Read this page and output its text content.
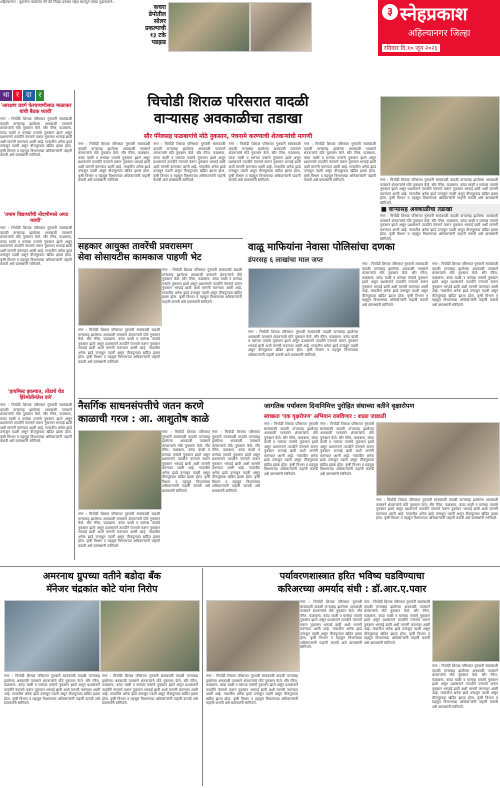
अहिल्यानगर : युवासेना कार्यालय नेते फ्री जिल्हा प्रवक्ता महेश सातपुते यांच्या पुढाकाराने...
कचरा
डेपोतील
सोलर
प्रकल्पाची
१३ टके
पडझड
३ स्नेहप्रकाश
अहिल्यानगर जिल्हा
रविवार दि.१० जून २०२६
धा	र	दा	र
'आरक्षण प्रवर्ग फेरचाचणीसाठ माळाकर यांची बैठक घ्यावी'
नगर : चिचोडी शिराळ परिसरात गुरुवारी सायंकाळी वादळी वाऱ्यासह झालेल्या अवकाळी पावसाने शेतकऱ्यांचे मोठे नुकसान केले. सौर पॅनेल, फळबागा, कांदा चाळी व घरांच्या पत्र्यांचे नुकसान झाले असून प्रशासनाने तातडीने पंचनामे करून नुकसान भरपाई द्यावी अशी मागणी करण्यात आली आहे. गावातील अनेक झाडे उन्मळून पडली असून वीजपुरवठा खंडित झाला होता. कृषी विभाग व महसूल विभागाच्या अधिकाऱ्यांनी पाहणी करावी असे ग्रामस्थांनी सांगितले.
'तमाम विद्यार्थ्यांची नोंदणीमध्ये अपट घ्यावी'
नगर : चिचोडी शिराळ परिसरात गुरुवारी सायंकाळी वादळी वाऱ्यासह झालेल्या अवकाळी पावसाने शेतकऱ्यांचे मोठे नुकसान केले. सौर पॅनेल, फळबागा, कांदा चाळी व घरांच्या पत्र्यांचे नुकसान झाले असून प्रशासनाने तातडीने पंचनामे करून नुकसान भरपाई द्यावी अशी मागणी करण्यात आली आहे. गावातील अनेक झाडे उन्मळून पडली असून वीजपुरवठा खंडित झाला होता. कृषी विभाग व महसूल विभागाच्या अधिकाऱ्यांनी पाहणी करावी असे ग्रामस्थांनी सांगितले.
'हायमिस्ट झाल्यात, तोंडाचे रोड हिरेमोतीनंतेल वारे'
नगर : चिचोडी शिराळ परिसरात गुरुवारी सायंकाळी वादळी वाऱ्यासह झालेल्या अवकाळी पावसाने शेतकऱ्यांचे मोठे नुकसान केले. सौर पॅनेल, फळबागा, कांदा चाळी व घरांच्या पत्र्यांचे नुकसान झाले असून प्रशासनाने तातडीने पंचनामे करून नुकसान भरपाई द्यावी अशी मागणी करण्यात आली आहे. गावातील अनेक झाडे उन्मळून पडली असून वीजपुरवठा खंडित झाला होता. कृषी विभाग व महसूल विभागाच्या अधिकाऱ्यांनी पाहणी करावी असे ग्रामस्थांनी सांगितले.
चिचोडी शिराळ परिसरात वादळी
वाऱ्यासह अवकाळीचा तडाखा
सौर पॅनेलसह फळबागांचे मोठे नुकसान, पंचनामे करण्याची शेतकऱ्यांची मागणी
नगर : चिचोडी शिराळ परिसरात गुरुवारी सायंकाळी वादळी वाऱ्यासह झालेल्या अवकाळी पावसाने शेतकऱ्यांचे मोठे नुकसान केले. सौर पॅनेल, फळबागा, कांदा चाळी व घरांच्या पत्र्यांचे नुकसान झाले असून प्रशासनाने तातडीने पंचनामे करून नुकसान भरपाई द्यावी अशी मागणी करण्यात आली आहे. गावातील अनेक झाडे उन्मळून पडली असून वीजपुरवठा खंडित झाला होता. कृषी विभाग व महसूल विभागाच्या अधिकाऱ्यांनी पाहणी करावी असे ग्रामस्थांनी सांगितले.
नगर : चिचोडी शिराळ परिसरात गुरुवारी सायंकाळी वादळी वाऱ्यासह झालेल्या अवकाळी पावसाने शेतकऱ्यांचे मोठे नुकसान केले. सौर पॅनेल, फळबागा, कांदा चाळी व घरांच्या पत्र्यांचे नुकसान झाले असून प्रशासनाने तातडीने पंचनामे करून नुकसान भरपाई द्यावी अशी मागणी करण्यात आली आहे. गावातील अनेक झाडे उन्मळून पडली असून वीजपुरवठा खंडित झाला होता. कृषी विभाग व महसूल विभागाच्या अधिकाऱ्यांनी पाहणी करावी असे ग्रामस्थांनी सांगितले.
नगर : चिचोडी शिराळ परिसरात गुरुवारी सायंकाळी वादळी वाऱ्यासह झालेल्या अवकाळी पावसाने शेतकऱ्यांचे मोठे नुकसान केले. सौर पॅनेल, फळबागा, कांदा चाळी व घरांच्या पत्र्यांचे नुकसान झाले असून प्रशासनाने तातडीने पंचनामे करून नुकसान भरपाई द्यावी अशी मागणी करण्यात आली आहे. गावातील अनेक झाडे उन्मळून पडली असून वीजपुरवठा खंडित झाला होता. कृषी विभाग व महसूल विभागाच्या अधिकाऱ्यांनी पाहणी करावी असे ग्रामस्थांनी सांगितले.
नगर : चिचोडी शिराळ परिसरात गुरुवारी सायंकाळी वादळी वाऱ्यासह झालेल्या अवकाळी पावसाने शेतकऱ्यांचे मोठे नुकसान केले. सौर पॅनेल, फळबागा, कांदा चाळी व घरांच्या पत्र्यांचे नुकसान झाले असून प्रशासनाने तातडीने पंचनामे करून नुकसान भरपाई द्यावी अशी मागणी करण्यात आली आहे. गावातील अनेक झाडे उन्मळून पडली असून वीजपुरवठा खंडित झाला होता. कृषी विभाग व महसूल विभागाच्या अधिकाऱ्यांनी पाहणी करावी असे ग्रामस्थांनी सांगितले.	नगर : चिचोडी शिराळ परिसरात गुरुवारी सायंकाळी वादळी वाऱ्यासह झालेल्या अवकाळी पावसाने शेतकऱ्यांचे मोठे नुकसान केले. सौर पॅनेल, फळबागा, कांदा चाळी व घरांच्या पत्र्यांचे नुकसान झाले असून प्रशासनाने तातडीने पंचनामे करून नुकसान भरपाई द्यावी अशी मागणी करण्यात आली आहे. गावातील अनेक झाडे उन्मळून पडली असून वीजपुरवठा खंडित झाला होता. कृषी विभाग व महसूल विभागाच्या अधिकाऱ्यांनी पाहणी करावी असे ग्रामस्थांनी सांगितले.
■ वाऱ्यासह अवकाळीचा तडाखा
नगर : चिचोडी शिराळ परिसरात गुरुवारी सायंकाळी वादळी वाऱ्यासह झालेल्या अवकाळी पावसाने शेतकऱ्यांचे मोठे नुकसान केले. सौर पॅनेल, फळबागा, कांदा चाळी व घरांच्या पत्र्यांचे नुकसान झाले असून प्रशासनाने तातडीने पंचनामे करून नुकसान भरपाई द्यावी अशी मागणी करण्यात आली आहे. गावातील अनेक झाडे उन्मळून पडली असून वीजपुरवठा खंडित झाला होता. कृषी विभाग व महसूल विभागाच्या अधिकाऱ्यांनी पाहणी करावी असे ग्रामस्थांनी सांगितले.
सहकार आयुक्त तावरेंची प्रवरासमग
सेवा सोसायटीस कामकाज पाहणी भेट
नगर : चिचोडी शिराळ परिसरात गुरुवारी सायंकाळी वादळी वाऱ्यासह झालेल्या अवकाळी पावसाने शेतकऱ्यांचे मोठे नुकसान केले. सौर पॅनेल, फळबागा, कांदा चाळी व घरांच्या पत्र्यांचे नुकसान झाले असून प्रशासनाने तातडीने पंचनामे करून नुकसान भरपाई द्यावी अशी मागणी करण्यात आली आहे. गावातील अनेक झाडे उन्मळून पडली असून वीजपुरवठा खंडित झाला होता. कृषी विभाग व महसूल विभागाच्या अधिकाऱ्यांनी पाहणी करावी असे ग्रामस्थांनी सांगितले.
नगर : चिचोडी शिराळ परिसरात गुरुवारी सायंकाळी वादळी वाऱ्यासह झालेल्या अवकाळी पावसाने शेतकऱ्यांचे मोठे नुकसान केले. सौर पॅनेल, फळबागा, कांदा चाळी व घरांच्या पत्र्यांचे नुकसान झाले असून प्रशासनाने तातडीने पंचनामे करून नुकसान भरपाई द्यावी अशी मागणी करण्यात आली आहे. गावातील अनेक झाडे उन्मळून पडली असून वीजपुरवठा खंडित झाला होता. कृषी विभाग व महसूल विभागाच्या अधिकाऱ्यांनी पाहणी करावी असे ग्रामस्थांनी सांगितले.
वाळू माफियांना नेवासा पोलिसांचा दणका
डंपरसह ६ लाखांचा माल जप्त	नगर : चिचोडी शिराळ परिसरात गुरुवारी सायंकाळी वादळी वाऱ्यासह झालेल्या अवकाळी पावसाने शेतकऱ्यांचे मोठे नुकसान केले. सौर पॅनेल, फळबागा, कांदा चाळी व घरांच्या पत्र्यांचे नुकसान झाले असून प्रशासनाने तातडीने पंचनामे करून नुकसान भरपाई द्यावी अशी मागणी करण्यात आली आहे. गावातील अनेक झाडे उन्मळून पडली असून वीजपुरवठा खंडित झाला होता. कृषी विभाग व महसूल विभागाच्या अधिकाऱ्यांनी पाहणी करावी असे ग्रामस्थांनी सांगितले.
नगर : चिचोडी शिराळ परिसरात गुरुवारी सायंकाळी वादळी वाऱ्यासह झालेल्या अवकाळी पावसाने शेतकऱ्यांचे मोठे नुकसान केले. सौर पॅनेल, फळबागा, कांदा चाळी व घरांच्या पत्र्यांचे नुकसान झाले असून प्रशासनाने तातडीने पंचनामे करून नुकसान भरपाई द्यावी अशी मागणी करण्यात आली आहे. गावातील अनेक झाडे उन्मळून पडली असून वीजपुरवठा खंडित झाला होता. कृषी विभाग व महसूल विभागाच्या अधिकाऱ्यांनी पाहणी करावी असे ग्रामस्थांनी सांगितले.
नगर : चिचोडी शिराळ परिसरात गुरुवारी सायंकाळी वादळी वाऱ्यासह झालेल्या अवकाळी पावसाने शेतकऱ्यांचे मोठे नुकसान केले. सौर पॅनेल, फळबागा, कांदा चाळी व घरांच्या पत्र्यांचे नुकसान झाले असून प्रशासनाने तातडीने पंचनामे करून नुकसान भरपाई द्यावी अशी मागणी करण्यात आली आहे. गावातील अनेक झाडे उन्मळून पडली असून वीजपुरवठा खंडित झाला होता. कृषी विभाग व महसूल विभागाच्या अधिकाऱ्यांनी पाहणी करावी असे ग्रामस्थांनी सांगितले.
नैसर्गिक साधनसंपत्तीचे जतन करणे
काळाची गरज : आ. आशुतोष काळे
नगर : चिचोडी शिराळ परिसरात गुरुवारी सायंकाळी वादळी वाऱ्यासह झालेल्या अवकाळी पावसाने शेतकऱ्यांचे मोठे नुकसान केले. सौर पॅनेल, फळबागा, कांदा चाळी व घरांच्या पत्र्यांचे नुकसान झाले असून प्रशासनाने तातडीने पंचनामे करून नुकसान भरपाई द्यावी अशी मागणी करण्यात आली आहे. गावातील अनेक झाडे उन्मळून पडली असून वीजपुरवठा खंडित झाला होता. कृषी विभाग व महसूल विभागाच्या अधिकाऱ्यांनी पाहणी करावी असे ग्रामस्थांनी सांगितले.
नगर : चिचोडी शिराळ परिसरात गुरुवारी सायंकाळी वादळी वाऱ्यासह झालेल्या अवकाळी पावसाने शेतकऱ्यांचे मोठे नुकसान केले. सौर पॅनेल, फळबागा, कांदा चाळी व घरांच्या पत्र्यांचे नुकसान झाले असून प्रशासनाने तातडीने पंचनामे करून नुकसान भरपाई द्यावी अशी मागणी करण्यात आली आहे. गावातील अनेक झाडे उन्मळून पडली असून वीजपुरवठा खंडित झाला होता. कृषी विभाग व महसूल विभागाच्या अधिकाऱ्यांनी पाहणी करावी असे ग्रामस्थांनी सांगितले.
नगर : चिचोडी शिराळ परिसरात गुरुवारी सायंकाळी वादळी वाऱ्यासह झालेल्या अवकाळी पावसाने शेतकऱ्यांचे मोठे नुकसान केले. सौर पॅनेल, फळबागा, कांदा चाळी व घरांच्या पत्र्यांचे नुकसान झाले असून प्रशासनाने तातडीने पंचनामे करून नुकसान भरपाई द्यावी अशी मागणी करण्यात आली आहे. गावातील अनेक झाडे उन्मळून पडली असून वीजपुरवठा खंडित झाला होता. कृषी विभाग व महसूल विभागाच्या अधिकाऱ्यांनी पाहणी करावी असे ग्रामस्थांनी सांगितले.
जागतिक पर्यावरण दिनानिमित्त पुरोहित संघाच्या वतीने वृक्षारोपण
स्वच्छता 'एक वृक्षरोपण' अभियान राबविणार : शाळा जाडाळी
नगर : चिचोडी शिराळ परिसरात गुरुवारी सायंकाळी वादळी वाऱ्यासह झालेल्या अवकाळी पावसाने शेतकऱ्यांचे मोठे नुकसान केले. सौर पॅनेल, फळबागा, कांदा चाळी व घरांच्या पत्र्यांचे नुकसान झाले असून प्रशासनाने तातडीने पंचनामे करून नुकसान भरपाई द्यावी अशी मागणी करण्यात आली आहे. गावातील अनेक झाडे उन्मळून पडली असून वीजपुरवठा खंडित झाला होता. कृषी विभाग व महसूल विभागाच्या अधिकाऱ्यांनी पाहणी करावी असे ग्रामस्थांनी सांगितले.
नगर : चिचोडी शिराळ परिसरात गुरुवारी सायंकाळी वादळी वाऱ्यासह झालेल्या अवकाळी पावसाने शेतकऱ्यांचे मोठे नुकसान केले. सौर पॅनेल, फळबागा, कांदा चाळी व घरांच्या पत्र्यांचे नुकसान झाले असून प्रशासनाने तातडीने पंचनामे करून नुकसान भरपाई द्यावी अशी मागणी करण्यात आली आहे. गावातील अनेक झाडे उन्मळून पडली असून वीजपुरवठा खंडित झाला होता. कृषी विभाग व महसूल विभागाच्या अधिकाऱ्यांनी पाहणी करावी असे ग्रामस्थांनी सांगितले.
नगर : चिचोडी शिराळ परिसरात गुरुवारी सायंकाळी वादळी वाऱ्यासह झालेल्या अवकाळी पावसाने शेतकऱ्यांचे मोठे नुकसान केले. सौर पॅनेल, फळबागा, कांदा चाळी व घरांच्या पत्र्यांचे नुकसान झाले असून प्रशासनाने तातडीने पंचनामे करून नुकसान भरपाई द्यावी अशी मागणी करण्यात आली आहे. गावातील अनेक झाडे उन्मळून पडली असून वीजपुरवठा खंडित झाला होता. कृषी विभाग व महसूल विभागाच्या अधिकाऱ्यांनी पाहणी करावी असे ग्रामस्थांनी सांगितले.
अमरनाथ ग्रुपच्या वतीने बडोदा बँक
मॅनेजर चंद्रकांत कोटे यांना निरोप
नगर : चिचोडी शिराळ परिसरात गुरुवारी सायंकाळी वादळी वाऱ्यासह झालेल्या अवकाळी पावसाने शेतकऱ्यांचे मोठे नुकसान केले. सौर पॅनेल, फळबागा, कांदा चाळी व घरांच्या पत्र्यांचे नुकसान झाले असून प्रशासनाने तातडीने पंचनामे करून नुकसान भरपाई द्यावी अशी मागणी करण्यात आली आहे. गावातील अनेक झाडे उन्मळून पडली असून वीजपुरवठा खंडित झाला होता. कृषी विभाग व महसूल विभागाच्या अधिकाऱ्यांनी पाहणी करावी असे ग्रामस्थांनी सांगितले.
नगर : चिचोडी शिराळ परिसरात गुरुवारी सायंकाळी वादळी वाऱ्यासह झालेल्या अवकाळी पावसाने शेतकऱ्यांचे मोठे नुकसान केले. सौर पॅनेल, फळबागा, कांदा चाळी व घरांच्या पत्र्यांचे नुकसान झाले असून प्रशासनाने तातडीने पंचनामे करून नुकसान भरपाई द्यावी अशी मागणी करण्यात आली आहे. गावातील अनेक झाडे उन्मळून पडली असून वीजपुरवठा खंडित झाला होता. कृषी विभाग व महसूल विभागाच्या अधिकाऱ्यांनी पाहणी करावी असे ग्रामस्थांनी सांगितले.
पर्यावरणशास्त्रात हरित भविष्य घडविण्याचा
करिअरच्या अमर्याद संधी : डॉ.आर.ए.पवार
नगर : चिचोडी शिराळ परिसरात गुरुवारी सायंकाळी वादळी वाऱ्यासह झालेल्या अवकाळी पावसाने शेतकऱ्यांचे मोठे नुकसान केले. सौर पॅनेल, फळबागा, कांदा चाळी व घरांच्या पत्र्यांचे नुकसान झाले असून प्रशासनाने तातडीने पंचनामे करून नुकसान भरपाई द्यावी अशी मागणी करण्यात आली आहे. गावातील अनेक झाडे उन्मळून पडली असून वीजपुरवठा खंडित झाला होता. कृषी विभाग व महसूल विभागाच्या अधिकाऱ्यांनी पाहणी करावी असे ग्रामस्थांनी सांगितले.
नगर : चिचोडी शिराळ परिसरात गुरुवारी सायंकाळी वादळी वाऱ्यासह झालेल्या अवकाळी पावसाने शेतकऱ्यांचे मोठे नुकसान केले. सौर पॅनेल, फळबागा, कांदा चाळी व घरांच्या पत्र्यांचे नुकसान झाले असून प्रशासनाने तातडीने पंचनामे करून नुकसान भरपाई द्यावी अशी मागणी करण्यात आली आहे. गावातील अनेक झाडे उन्मळून पडली असून वीजपुरवठा खंडित झाला होता. कृषी विभाग व महसूल विभागाच्या अधिकाऱ्यांनी पाहणी करावी असे ग्रामस्थांनी सांगितले.
नगर : चिचोडी शिराळ परिसरात गुरुवारी सायंकाळी वादळी वाऱ्यासह झालेल्या अवकाळी पावसाने शेतकऱ्यांचे मोठे नुकसान केले. सौर पॅनेल, फळबागा, कांदा चाळी व घरांच्या पत्र्यांचे नुकसान झाले असून प्रशासनाने तातडीने पंचनामे करून नुकसान भरपाई द्यावी अशी मागणी करण्यात आली आहे. गावातील अनेक झाडे उन्मळून पडली असून वीजपुरवठा खंडित झाला होता. कृषी विभाग व महसूल विभागाच्या अधिकाऱ्यांनी पाहणी करावी असे ग्रामस्थांनी सांगितले.
नगर : चिचोडी शिराळ परिसरात गुरुवारी सायंकाळी वादळी वाऱ्यासह झालेल्या अवकाळी पावसाने शेतकऱ्यांचे मोठे नुकसान केले. सौर पॅनेल, फळबागा, कांदा चाळी व घरांच्या पत्र्यांचे नुकसान झाले असून प्रशासनाने तातडीने पंचनामे करून नुकसान भरपाई द्यावी अशी मागणी करण्यात आली आहे. गावातील अनेक झाडे उन्मळून पडली असून वीजपुरवठा खंडित झाला होता. कृषी विभाग व महसूल विभागाच्या अधिकाऱ्यांनी पाहणी करावी असे ग्रामस्थांनी सांगितले.
